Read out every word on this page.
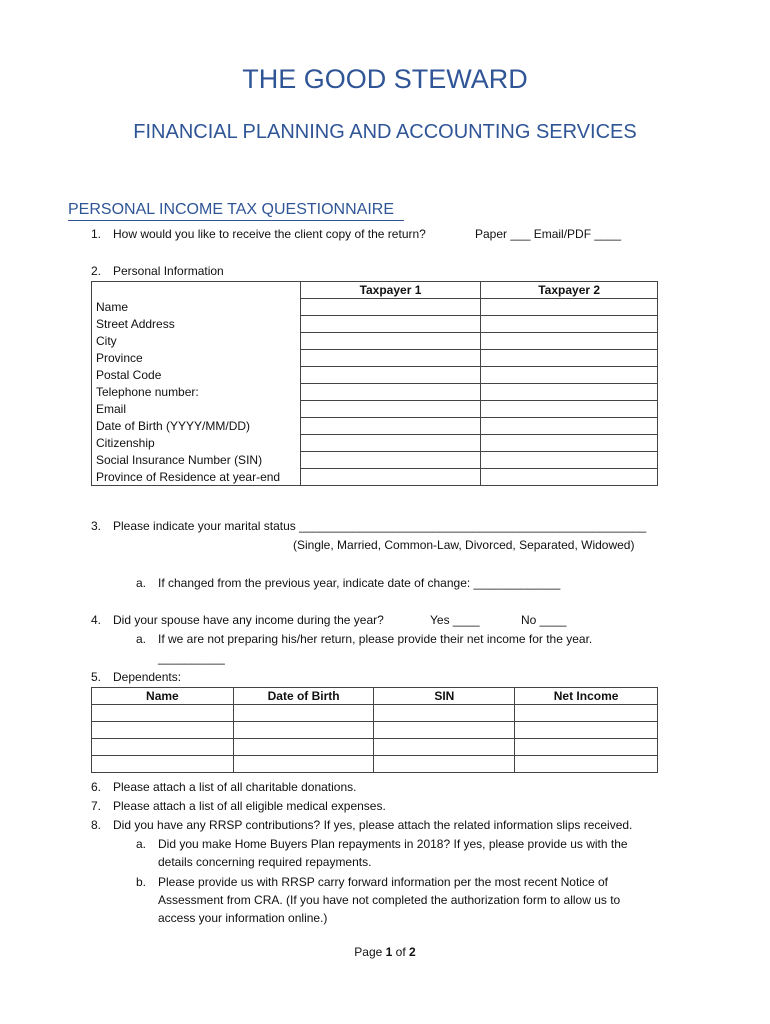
THE GOOD STEWARD
FINANCIAL PLANNING AND ACCOUNTING SERVICES
PERSONAL INCOME TAX QUESTIONNAIRE
1. How would you like to receive the client copy of the return?	Paper ___ Email/PDF ____
2. Personal Information
	Taxpayer 1	Taxpayer 2
Name		
Street Address		
City		
Province		
Postal Code		
Telephone number:		
Email		
Date of Birth (YYYY/MM/DD)		
Citizenship		
Social Insurance Number (SIN)		
Province of Residence at year-end		
3. Please indicate your marital status ____________________________________________________
(Single, Married, Common-Law, Divorced, Separated, Widowed)
a. If changed from the previous year, indicate date of change: _____________
4. Did your spouse have any income during the year?	Yes ____	No ____
a. If we are not preparing his/her return, please provide their net income for the year.
__________
5. Dependents:
Name	Date of Birth	SIN	Net Income

6. Please attach a list of all charitable donations.
7. Please attach a list of all eligible medical expenses.
8. Did you have any RRSP contributions? If yes, please attach the related information slips received.
a. Did you make Home Buyers Plan repayments in 2018? If yes, please provide us with the
details concerning required repayments.
b. Please provide us with RRSP carry forward information per the most recent Notice of
Assessment from CRA. (If you have not completed the authorization form to allow us to
access your information online.)
Page 1 of 2
